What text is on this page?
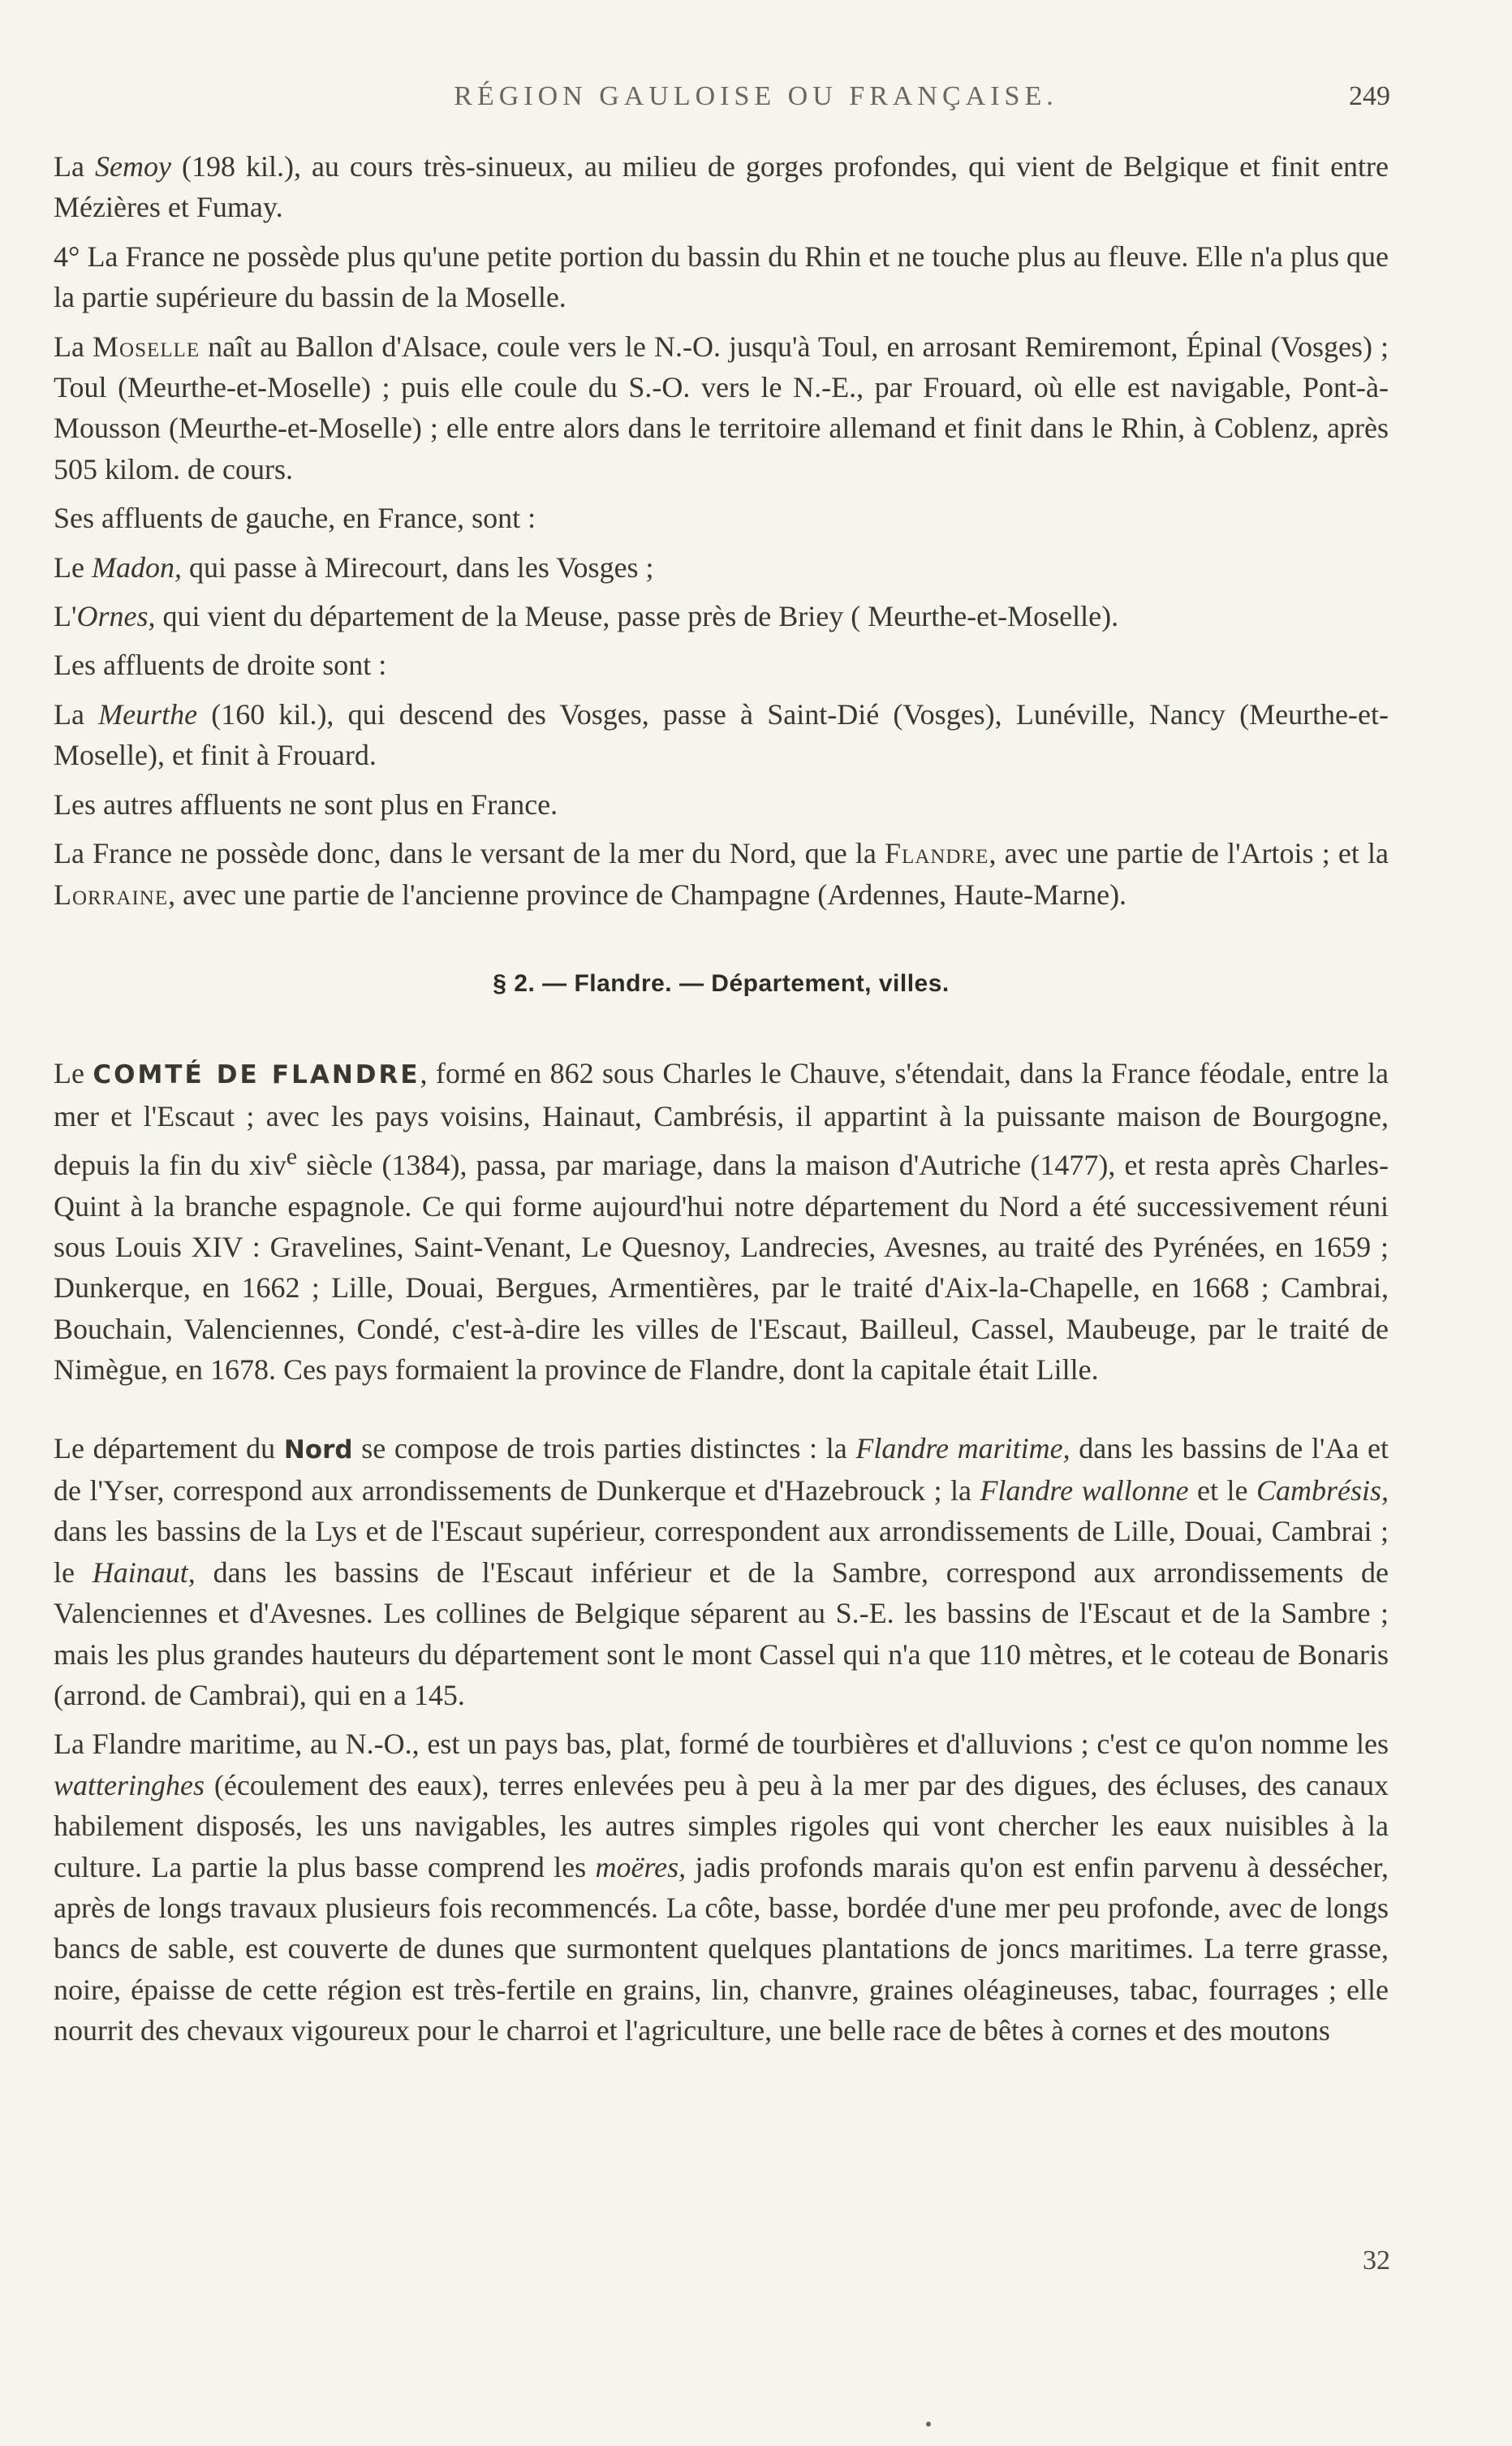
RÉGION GAULOISE OU FRANÇAISE.	249

La Semoy (198 kil.), au cours très-sinueux, au milieu de gorges profondes, qui vient de Belgique et finit entre Mézières et Fumay.

4° La France ne possède plus qu'une petite portion du bassin du Rhin et ne touche plus au fleuve. Elle n'a plus que la partie supérieure du bassin de la Moselle.

La Moselle naît au Ballon d'Alsace, coule vers le N.-O. jusqu'à Toul, en arrosant Remiremont, Épinal (Vosges) ; Toul (Meurthe-et-Moselle) ; puis elle coule du S.-O. vers le N.-E., par Frouard, où elle est navigable, Pont-à-Mousson (Meurthe-et-Moselle) ; elle entre alors dans le territoire allemand et finit dans le Rhin, à Coblenz, après 505 kilom. de cours.

Ses affluents de gauche, en France, sont :

Le Madon, qui passe à Mirecourt, dans les Vosges ;

L'Ornes, qui vient du département de la Meuse, passe près de Briey ( Meurthe-et-Moselle).

Les affluents de droite sont :

La Meurthe (160 kil.), qui descend des Vosges, passe à Saint-Dié (Vosges), Lunéville, Nancy (Meurthe-et-Moselle), et finit à Frouard.

Les autres affluents ne sont plus en France.

La France ne possède donc, dans le versant de la mer du Nord, que la Flandre, avec une partie de l'Artois ; et la Lorraine, avec une partie de l'ancienne province de Champagne (Ardennes, Haute-Marne).

§ 2. — Flandre. — Département, villes.

Le COMTÉ DE FLANDRE, formé en 862 sous Charles le Chauve, s'étendait, dans la France féodale, entre la mer et l'Escaut ; avec les pays voisins, Hainaut, Cambrésis, il appartint à la puissante maison de Bourgogne, depuis la fin du xiv$^e$ siècle (1384), passa, par mariage, dans la maison d'Autriche (1477), et resta après Charles-Quint à la branche espagnole. Ce qui forme aujourd'hui notre département du Nord a été successivement réuni sous Louis XIV : Gravelines, Saint-Venant, Le Quesnoy, Landrecies, Avesnes, au traité des Pyrénées, en 1659 ; Dunkerque, en 1662 ; Lille, Douai, Bergues, Armentières, par le traité d'Aix-la-Chapelle, en 1668 ; Cambrai, Bouchain, Valenciennes, Condé, c'est-à-dire les villes de l'Escaut, Bailleul, Cassel, Maubeuge, par le traité de Nimègue, en 1678. Ces pays formaient la province de Flandre, dont la capitale était Lille.

Le département du Nord se compose de trois parties distinctes : la Flandre maritime, dans les bassins de l'Aa et de l'Yser, correspond aux arrondissements de Dunkerque et d'Hazebrouck ; la Flandre wallonne et le Cambrésis, dans les bassins de la Lys et de l'Escaut supérieur, correspondent aux arrondissements de Lille, Douai, Cambrai ; le Hainaut, dans les bassins de l'Escaut inférieur et de la Sambre, correspond aux arrondissements de Valenciennes et d'Avesnes. Les collines de Belgique séparent au S.-E. les bassins de l'Escaut et de la Sambre ; mais les plus grandes hauteurs du département sont le mont Cassel qui n'a que 110 mètres, et le coteau de Bonaris (arrond. de Cambrai), qui en a 145.

La Flandre maritime, au N.-O., est un pays bas, plat, formé de tourbières et d'alluvions ; c'est ce qu'on nomme les watteringhes (écoulement des eaux), terres enlevées peu à peu à la mer par des digues, des écluses, des canaux habilement disposés, les uns navigables, les autres simples rigoles qui vont chercher les eaux nuisibles à la culture. La partie la plus basse comprend les moëres, jadis profonds marais qu'on est enfin parvenu à dessécher, après de longs travaux plusieurs fois recommencés. La côte, basse, bordée d'une mer peu profonde, avec de longs bancs de sable, est couverte de dunes que surmontent quelques plantations de joncs maritimes. La terre grasse, noire, épaisse de cette région est très-fertile en grains, lin, chanvre, graines oléagineuses, tabac, fourrages ; elle nourrit des chevaux vigoureux pour le charroi et l'agriculture, une belle race de bêtes à cornes et des moutons

32
